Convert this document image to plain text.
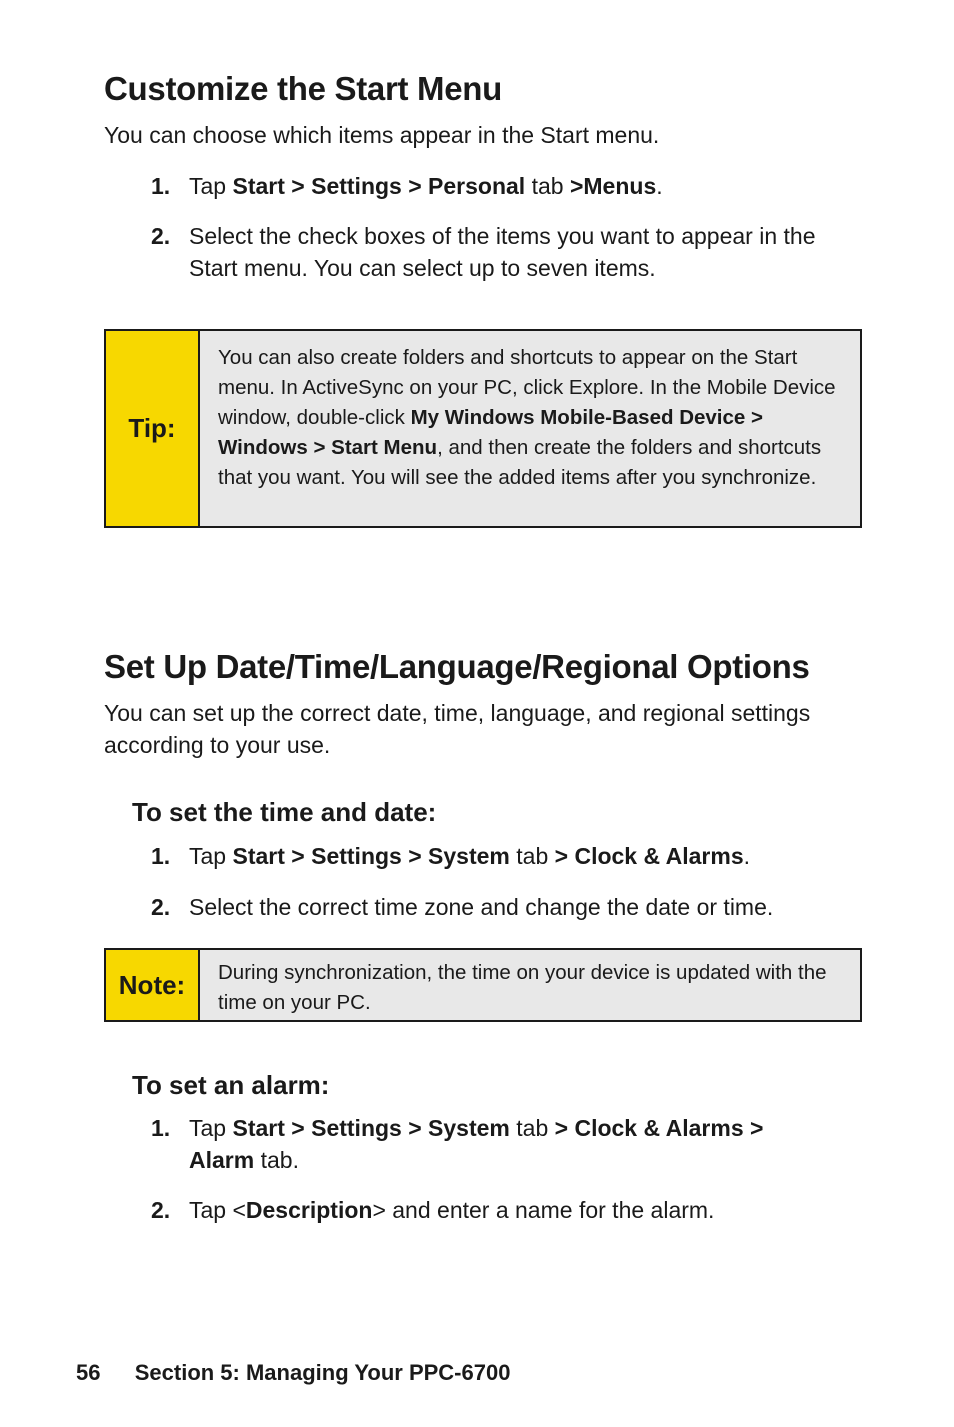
Customize the Start Menu
You can choose which items appear in the Start menu.
1. Tap Start > Settings > Personal tab >Menus.
2. Select the check boxes of the items you want to appear in the Start menu. You can select up to seven items.
Tip:
You can also create folders and shortcuts to appear on the Start menu. In ActiveSync on your PC, click Explore. In the Mobile Device window, double-click My Windows Mobile-Based Device > Windows > Start Menu, and then create the folders and shortcuts that you want. You will see the added items after you synchronize.
Set Up Date/Time/Language/Regional Options
You can set up the correct date, time, language, and regional settings according to your use.
To set the time and date:
1. Tap Start > Settings > System tab > Clock & Alarms.
2. Select the correct time zone and change the date or time.
Note:	During synchronization, the time on your device is updated with the time on your PC.
To set an alarm:
1. Tap Start > Settings > System tab > Clock & Alarms > Alarm tab.
2. Tap <Description> and enter a name for the alarm.
56 Section 5: Managing Your PPC-6700
